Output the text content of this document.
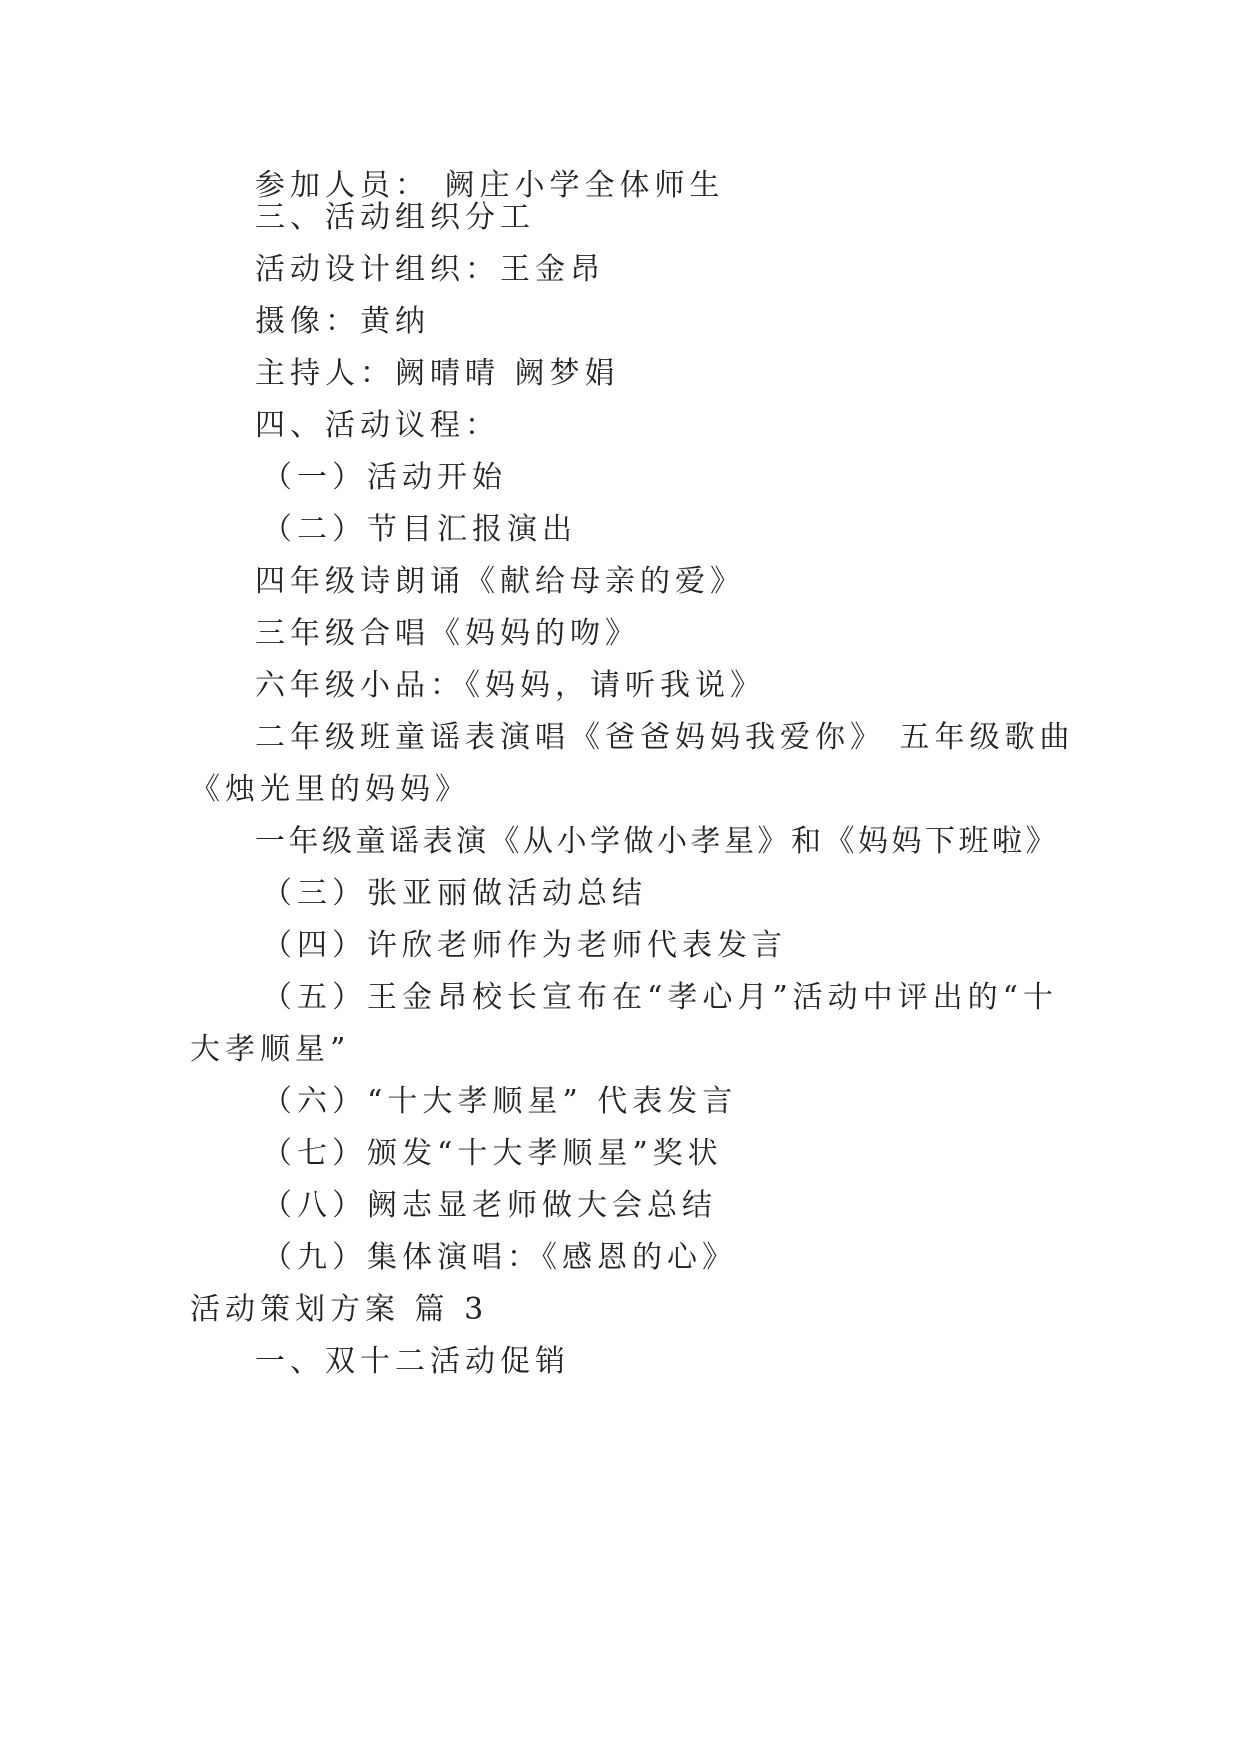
参加人员： 阙庄小学全体师生
三、活动组织分工
活动设计组织：王金昂
摄像：黄纳
主持人：阙晴晴 阙梦娟
四、活动议程：
（一）活动开始
（二）节目汇报演出
四年级诗朗诵《献给母亲的爱》
三年级合唱《妈妈的吻》
六年级小品：《妈妈，请听我说》
二年级班童谣表演唱《爸爸妈妈我爱你》 五年级歌曲
《烛光里的妈妈》
一年级童谣表演《从小学做小孝星》和《妈妈下班啦》
（三）张亚丽做活动总结
（四）许欣老师作为老师代表发言
（五）王金昂校长宣布在“孝心月”活动中评出的“十
大孝顺星”
（六）“十大孝顺星” 代表发言
（七）颁发“十大孝顺星”奖状
（八）阙志显老师做大会总结
（九）集体演唱：《感恩的心》
活动策划方案 篇 3
一、双十二活动促销
